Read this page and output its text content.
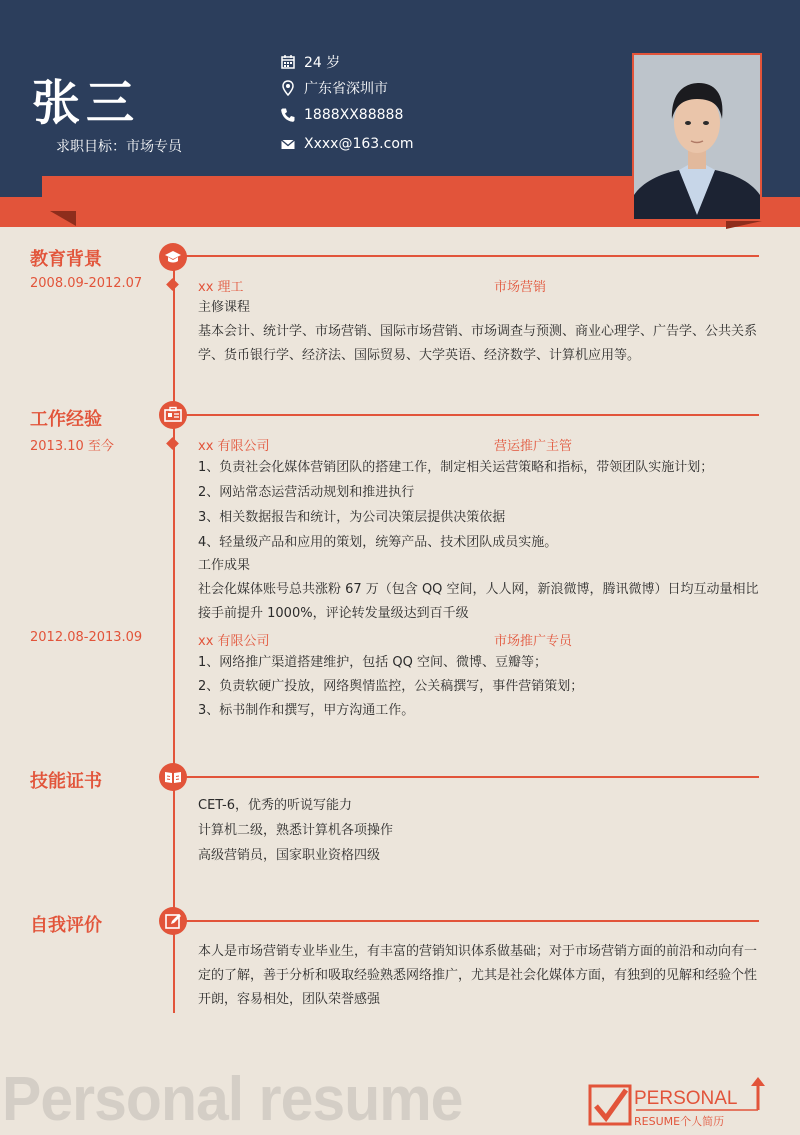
张三
求职目标：市场专员
24 岁
广东省深圳市
1888XX88888
Xxxx@163.com
教育背景
2008.09-2012.07	xx 理工	市场营销
主修课程
基本会计、统计学、市场营销、国际市场营销、市场调查与预测、商业心理学、广告学、公共关系学、货币银行学、经济法、国际贸易、大学英语、经济数学、计算机应用等。
工作经验
2013.10 至今	xx 有限公司	营运推广主管
1、负责社会化媒体营销团队的搭建工作，制定相关运营策略和指标，带领团队实施计划；
2、网站常态运营活动规划和推进执行
3、相关数据报告和统计，为公司决策层提供决策依据
4、轻量级产品和应用的策划，统筹产品、技术团队成员实施。
工作成果
社会化媒体账号总共涨粉 67 万（包含 QQ 空间，人人网，新浪微博，腾讯微博）日均互动量相比接手前提升 1000%，评论转发量级达到百千级
2012.08-2013.09	xx 有限公司	市场推广专员
1、网络推广渠道搭建维护，包括 QQ 空间、微博、豆瓣等；
2、负责软硬广投放，网络舆情监控，公关稿撰写，事件营销策划；
3、标书制作和撰写，甲方沟通工作。
技能证书
CET-6，优秀的听说写能力
计算机二级，熟悉计算机各项操作
高级营销员，国家职业资格四级
自我评价
本人是市场营销专业毕业生，有丰富的营销知识体系做基础；对于市场营销方面的前沿和动向有一定的了解，善于分析和吸取经验熟悉网络推广，尤其是社会化媒体方面，有独到的见解和经验个性开朗，容易相处，团队荣誉感强
Personal resume	PERSONAL
RESUME个人简历
